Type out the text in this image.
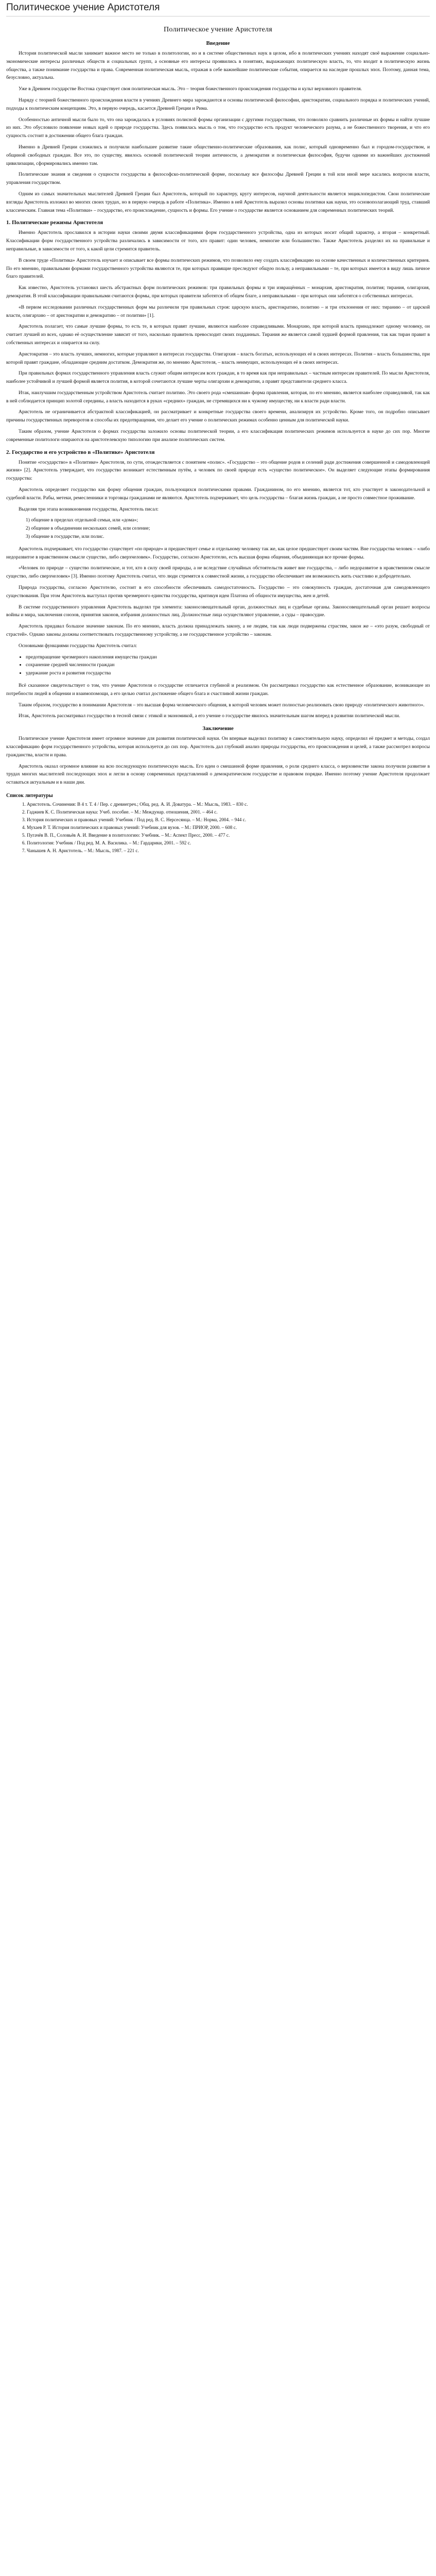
Политическое учение Аристотеля
Политическое учение Аристотеля
Введение

История политической мысли занимает важное место не только в политологии, но и в системе общественных наук в целом, ибо в политических учениях находят своё выражение социально-экономические интересы различных обществ и социальных групп, а основные его интересы проявились в понятиях, выражающих политическую власть, то, что входит в политическую жизнь общества, а также понимание государства и права. Современная политическая мысль, отражая в себе важнейшие политические события, опирается на наследие прошлых эпох. Поэтому, данная тема, безусловно, актуальна.

Уже в Древнем государстве Востока существует своя политическая мысль. Это – теория божественного происхождения государства и культ верховного правителя.

Наряду с теорией божественного происхождения власти в учениях Древнего мира зарождаются и основы политической философии, аристократии, социального порядка и политических учений, подходы к политическим концепциям. Это, в первую очередь, касается Древней Греции и Рима.

Особенностью античной мысли было то, что она зарождалась в условиях полисной формы организации с другими государствами, что позволяло сравнить различные их формы и найти лучшие из них. Это обусловило появление новых идей о природе государства. Здесь появилась мысль о том, что государство есть продукт человеческого разума, а не божественного творения, и что его сущность состоит в достижении общего блага граждан.

Именно в Древней Греции сложились и получили наибольшее развитие такие общественно-политические образования, как полис, который одновременно был и городом-государством, и общиной свободных граждан. Все это, по существу, явилось основой политической теории античности, а демократия и политическая философия, будучи одними из важнейших достижений цивилизации, сформировались именно там.

Политические знания и сведения о сущности государства в философско-политической форме, поскольку все философы Древней Греции в той или иной мере касались вопросов власти, управления государством.

Одним из самых значительных мыслителей Древней Греции был Аристотель, который по характеру, кругу интересов, научной деятельности является энциклопедистом. Свои политические взгляды Аристотель изложил во многих своих трудах, но в первую очередь в работе «Политика». Именно в ней Аристотель выразил основы политики как науки, это основополагающий труд, ставший классическим. Главная тема «Политики» – государство, его происхождение, сущность и формы. Его учение о государстве является основанием для современных политических теорий.

1. Политические режимы Аристотеля

Именно Аристотель прославился в истории науки своими двумя классификациями форм государственного устройства, одна из которых носит общий характер, а вторая – конкретный. Классификации форм государственного устройства различались в зависимости от того, кто правит: один человек, немногие или большинство. Также Аристотель разделял их на правильные и неправильные, в зависимости от того, к какой цели стремится правитель.

В своем труде «Политика» Аристотель изучает и описывает все формы политических режимов, что позволило ему создать классификацию на основе качественных и количественных критериев. По его мнению, правильными формами государственного устройства являются те, при которых правящие преследуют общую пользу, а неправильными – те, при которых имеется в виду лишь личное благо правителей.

Как известно, Аристотель установил шесть абстрактных форм политических режимов: три правильных формы и три извращённых – монархия, аристократия, полития; тирания, олигархия, демократия. В этой классификации правильными считаются формы, при которых правители заботятся об общем благе, а неправильными – при которых они заботятся о собственных интересах.

«В первом исследовании различных государственных форм мы различили три правильных строя: царскую власть, аристократию, политию – и три отклонения от них: тиранию – от царской власти, олигархию – от аристократии и демократию – от политии» [1].

Аристотель полагает, что самые лучшие формы, то есть те, в которых правят лучшие, являются наиболее справедливыми. Монархию, при которой власть принадлежит одному человеку, он считает лучшей из всех, однако её осуществление зависит от того, насколько правитель превосходит своих подданных. Тирания же является самой худшей формой правления, так как тиран правит в собственных интересах и опирается на силу.

Аристократия – это власть лучших, немногих, которые управляют в интересах государства. Олигархия – власть богатых, использующих её в своих интересах. Полития – власть большинства, при которой правят граждане, обладающие средним достатком. Демократия же, по мнению Аристотеля, – власть неимущих, использующих её в своих интересах.

При правильных формах государственного управления власть служит общим интересам всех граждан, в то время как при неправильных – частным интересам правителей. По мысли Аристотеля, наиболее устойчивой и лучшей формой является полития, в которой сочетаются лучшие черты олигархии и демократии, а правят представители среднего класса.

Итак, наилучшим государственным устройством Аристотель считает политию. Это своего рода «смешанная» форма правления, которая, по его мнению, является наиболее справедливой, так как в ней соблюдается принцип золотой середины, а власть находится в руках «средних» граждан, не стремящихся ни к чужому имуществу, ни к власти ради власти.

Аристотель не ограничивается абстрактной классификацией, он рассматривает и конкретные государства своего времени, анализируя их устройство. Кроме того, он подробно описывает причины государственных переворотов и способы их предотвращения, что делает его учение о политических режимах особенно ценным для политической науки.

Таким образом, учение Аристотеля о формах государства заложило основы политической теории, а его классификация политических режимов используется в науке до сих пор. Многие современные политологи опираются на аристотелевскую типологию при анализе политических систем.

2. Государство и его устройство в «Политике» Аристотеля

Понятие «государство» в «Политике» Аристотеля, по сути, отождествляется с понятием «полис». «Государство – это общение родов и селений ради достижения совершенной и самодовлеющей жизни» [2]. Аристотель утверждает, что государство возникает естественным путём, а человек по своей природе есть «существо политическое». Он выделяет следующие этапы формирования государства:

Аристотель определяет государство как форму общения граждан, пользующихся политическими правами. Гражданином, по его мнению, является тот, кто участвует в законодательной и судебной власти. Рабы, метеки, ремесленники и торговцы гражданами не являются. Аристотель подчеркивает, что цель государства – благая жизнь граждан, а не просто совместное проживание.

Выделяя три этапа возникновения государства, Аристотель писал:

1) общение в пределах отдельной семьи, или «дома»;
2) общение в объединении нескольких семей, или селение;
3) общение в государстве, или полис.

Аристотель подчеркивает, что государство существует «по природе» и предшествует семье и отдельному человеку так же, как целое предшествует своим частям. Вне государства человек – «либо недоразвитое в нравственном смысле существо, либо сверхчеловек». Государство, согласно Аристотелю, есть высшая форма общения, объединяющая все прочие формы.

«Человек по природе – существо политическое, и тот, кто в силу своей природы, а не вследствие случайных обстоятельств живет вне государства, – либо недоразвитое в нравственном смысле существо, либо сверхчеловек» [3]. Именно поэтому Аристотель считал, что люди стремятся к совместной жизни, а государство обеспечивает им возможность жить счастливо и добродетельно.

Природа государства, согласно Аристотелю, состоит в его способности обеспечивать самодостаточность. Государство – это совокупность граждан, достаточная для самодовлеющего существования. При этом Аристотель выступал против чрезмерного единства государства, критикуя идеи Платона об общности имущества, жен и детей.

В системе государственного управления Аристотель выделял три элемента: законосовещательный орган, должностных лиц и судебные органы. Законосовещательный орган решает вопросы войны и мира, заключения союзов, принятия законов, избрания должностных лиц. Должностные лица осуществляют управление, а суды – правосудие.

Аристотель придавал большое значение законам. По его мнению, власть должна принадлежать закону, а не людям, так как люди подвержены страстям, закон же – «это разум, свободный от страстей». Однако законы должны соответствовать государственному устройству, а не государственное устройство – законам.

Основными функциями государства Аристотель считал:

• предотвращение чрезмерного накопления имущества граждан
• сохранение средней численности граждан
• удержание роста и развития государства

Всё сказанное свидетельствует о том, что учение Аристотеля о государстве отличается глубиной и реализмом. Он рассматривал государство как естественное образование, возникающее из потребности людей в общении и взаимопомощи, а его целью считал достижение общего блага и счастливой жизни граждан.

Таким образом, государство в понимании Аристотеля – это высшая форма человеческого общения, в которой человек может полностью реализовать свою природу «политического животного».

Итак, Аристотель рассматривал государство в тесной связи с этикой и экономикой, а его учение о государстве явилось значительным шагом вперед в развитии политической мысли.

Заключение

Политическое учение Аристотеля имеет огромное значение для развития политической науки. Он впервые выделил политику в самостоятельную науку, определил её предмет и методы, создал классификацию форм государственного устройства, которая используется до сих пор. Аристотель дал глубокий анализ природы государства, его происхождения и целей, а также рассмотрел вопросы гражданства, власти и права.

Аристотель оказал огромное влияние на всю последующую политическую мысль. Его идеи о смешанной форме правления, о роли среднего класса, о верховенстве закона получили развитие в трудах многих мыслителей последующих эпох и легли в основу современных представлений о демократическом государстве и правовом порядке. Именно поэтому учение Аристотеля продолжает оставаться актуальным и в наши дни.

Список литературы
1. Аристотель. Сочинения: В 4 т. Т. 4 / Пер. с древнегреч.; Общ. ред. А. И. Доватура. – М.: Мысль, 1983. – 830 с.
2. Гаджиев К. С. Политическая наука: Учеб. пособие. – М.: Междунар. отношения, 2001. – 464 с.
3. История политических и правовых учений: Учебник / Под ред. В. С. Нерсесянца. – М.: Норма, 2004. – 944 с.
4. Мухаев Р. Т. История политических и правовых учений: Учебник для вузов. – М.: ПРИОР, 2000. – 608 с.
5. Пугачёв В. П., Соловьёв А. И. Введение в политологию: Учебник. – М.: Аспект Пресс, 2000. – 477 с.
6. Политология: Учебник / Под ред. М. А. Василика. – М.: Гардарики, 2001. – 592 с.
7. Чанышев А. Н. Аристотель. – М.: Мысль, 1987. – 221 с.
